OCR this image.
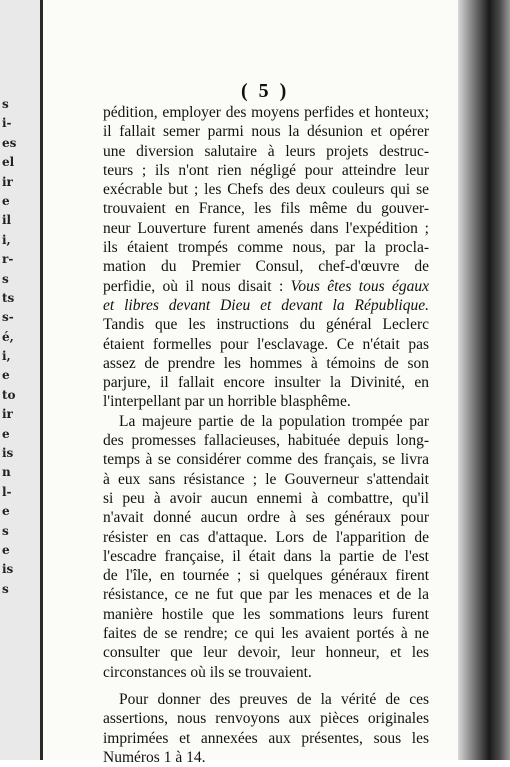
s
i-
es
el
ir
e
il
i,
r-
s
ts
s-
é,
i,
e
to
ir
e
is
n
l-
e
s
e
is
s
( 5 )

pédition, employer des moyens perfides et honteux;
il fallait semer parmi nous la désunion et opérer
une diversion salutaire à leurs projets destruc-
teurs ; ils n'ont rien négligé pour atteindre leur
exécrable but ; les Chefs des deux couleurs qui se
trouvaient en France, les fils même du gouver-
neur Louverture furent amenés dans l'expédition ;
ils étaient trompés comme nous, par la procla-
mation du Premier Consul, chef-d'œuvre de
perfidie, où il nous disait : Vous êtes tous égaux
et libres devant Dieu et devant la République.
Tandis que les instructions du général Leclerc
étaient formelles pour l'esclavage. Ce n'était pas
assez de prendre les hommes à témoins de son
parjure, il fallait encore insulter la Divinité, en
l'interpellant par un horrible blasphême.

La majeure partie de la population trompée par
des promesses fallacieuses, habituée depuis long-
temps à se considérer comme des français, se livra
à eux sans résistance ; le Gouverneur s'attendait
si peu à avoir aucun ennemi à combattre, qu'il
n'avait donné aucun ordre à ses généraux pour
résister en cas d'attaque. Lors de l'apparition de
l'escadre française, il était dans la partie de l'est
de l'île, en tournée ; si quelques généraux firent
résistance, ce ne fut que par les menaces et de la
manière hostile que les sommations leurs furent
faites de se rendre; ce qui les avaient portés à ne
consulter que leur devoir, leur honneur, et les
circonstances où ils se trouvaient.

Pour donner des preuves de la vérité de ces
assertions, nous renvoyons aux pièces originales
imprimées et annexées aux présentes, sous les
Numéros 1 à 14.
